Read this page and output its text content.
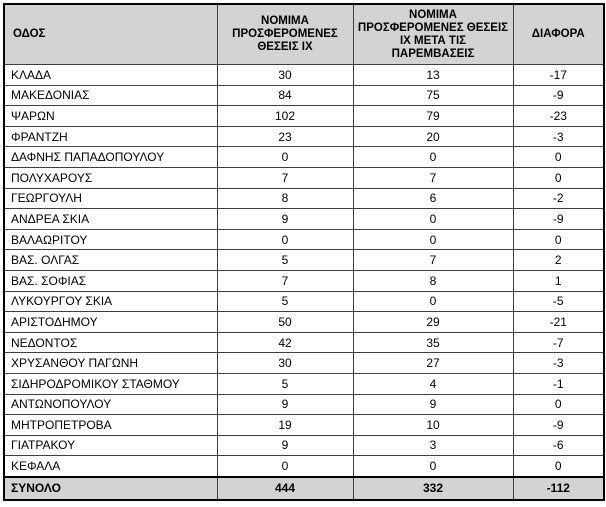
ΟΔΟΣ	ΝΟΜΙΜΑ ΠΡΟΣΦΕΡΟΜΕΝΕΣ ΘΕΣΕΙΣ ΙΧ	ΝΟΜΙΜΑ ΠΡΟΣΦΕΡΟΜΕΝΕΣ ΘΕΣΕΙΣ ΙΧ ΜΕΤΑ ΤΙΣ ΠΑΡΕΜΒΑΣΕΙΣ	ΔΙΑΦΟΡΑ
ΚΛΑΔΑ	30	13	-17
ΜΑΚΕΔΟΝΙΑΣ	84	75	-9
ΨΑΡΩΝ	102	79	-23
ΦΡΑΝΤΖΗ	23	20	-3
ΔΑΦΝΗΣ ΠΑΠΑΔΟΠΟΥΛΟΥ	0	0	0
ΠΟΛΥΧΑΡΟΥΣ	7	7	0
ΓΕΩΡΓΟΥΛΗ	8	6	-2
ΑΝΔΡΕΑ ΣΚΙΑ	9	0	-9
ΒΑΛΑΩΡΙΤΟΥ	0	0	0
ΒΑΣ. ΟΛΓΑΣ	5	7	2
ΒΑΣ. ΣΟΦΙΑΣ	7	8	1
ΛΥΚΟΥΡΓΟΥ ΣΚΙΑ	5	0	-5
ΑΡΙΣΤΟΔΗΜΟΥ	50	29	-21
ΝΕΔΟΝΤΟΣ	42	35	-7
ΧΡΥΣΑΝΘΟΥ ΠΑΓΩΝΗ	30	27	-3
ΣΙΔΗΡΟΔΡΟΜΙΚΟΥ ΣΤΑΘΜΟΥ	5	4	-1
ΑΝΤΩΝΟΠΟΥΛΟΥ	9	9	0
ΜΗΤΡΟΠΕΤΡΟΒΑ	19	10	-9
ΓΙΑΤΡΑΚΟΥ	9	3	-6
ΚΕΦΑΛΑ	0	0	0
ΣΥΝΟΛΟ	444	332	-112
